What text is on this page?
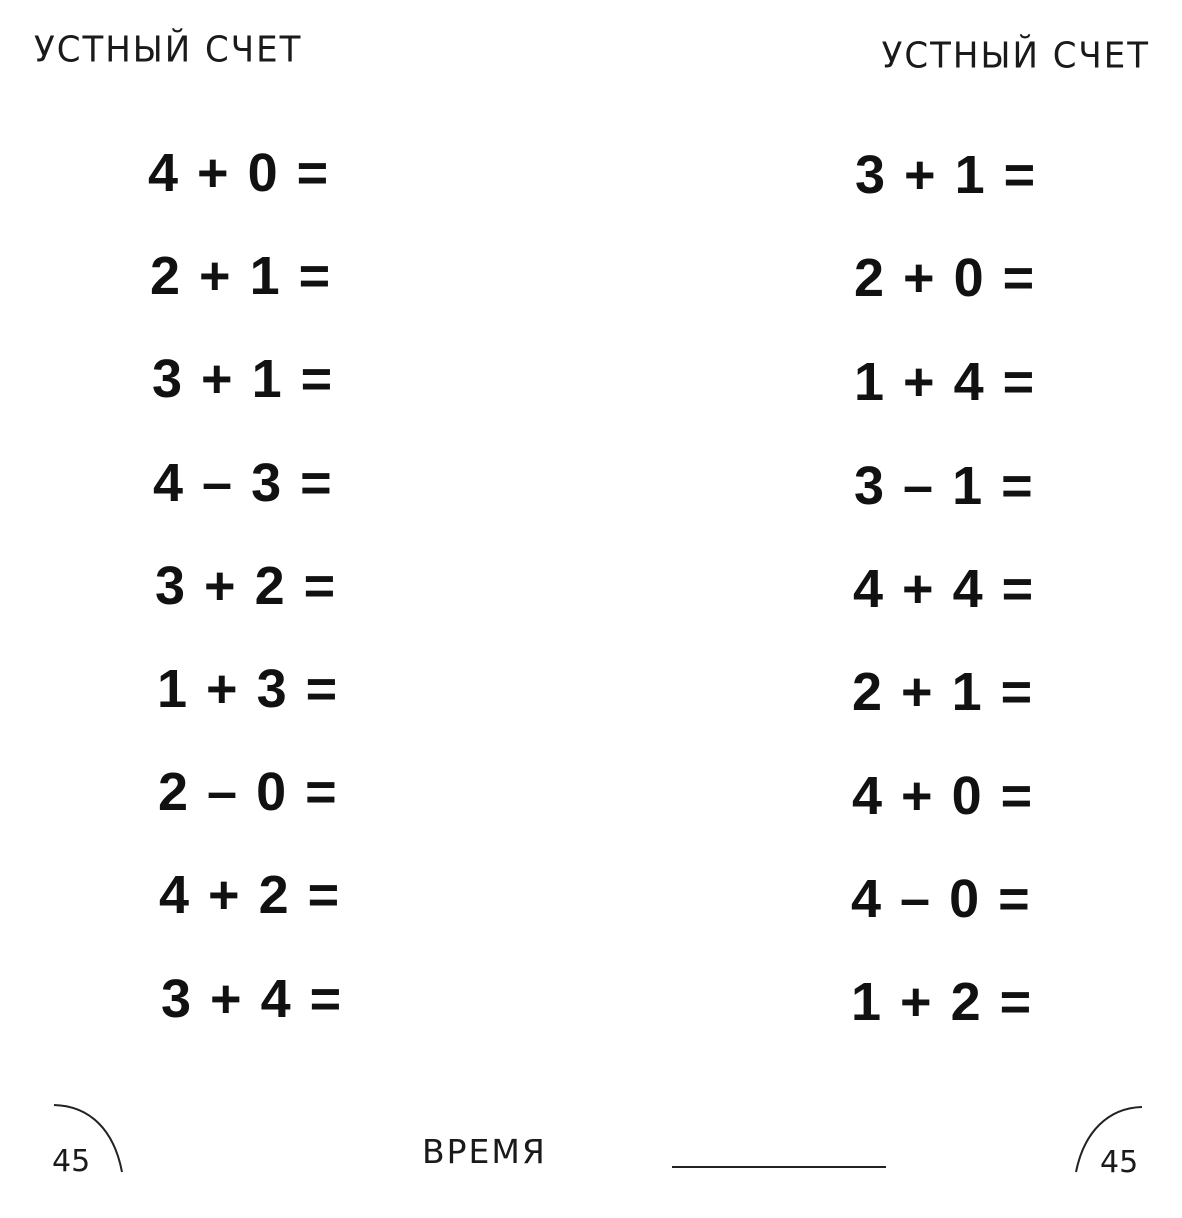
УСТНЫЙ СЧЕТ	УСТНЫЙ СЧЕТ
4 + 0 =
2 + 1 =
3 + 1 =
4 – 3 =
3 + 2 =
1 + 3 =
2 – 0 =
4 + 2 =
3 + 4 =
3 + 1 =
2 + 0 =
1 + 4 =
3 – 1 =
4 + 4 =
2 + 1 =
4 + 0 =
4 – 0 =
1 + 2 =
45	ВРЕМЯ	45
